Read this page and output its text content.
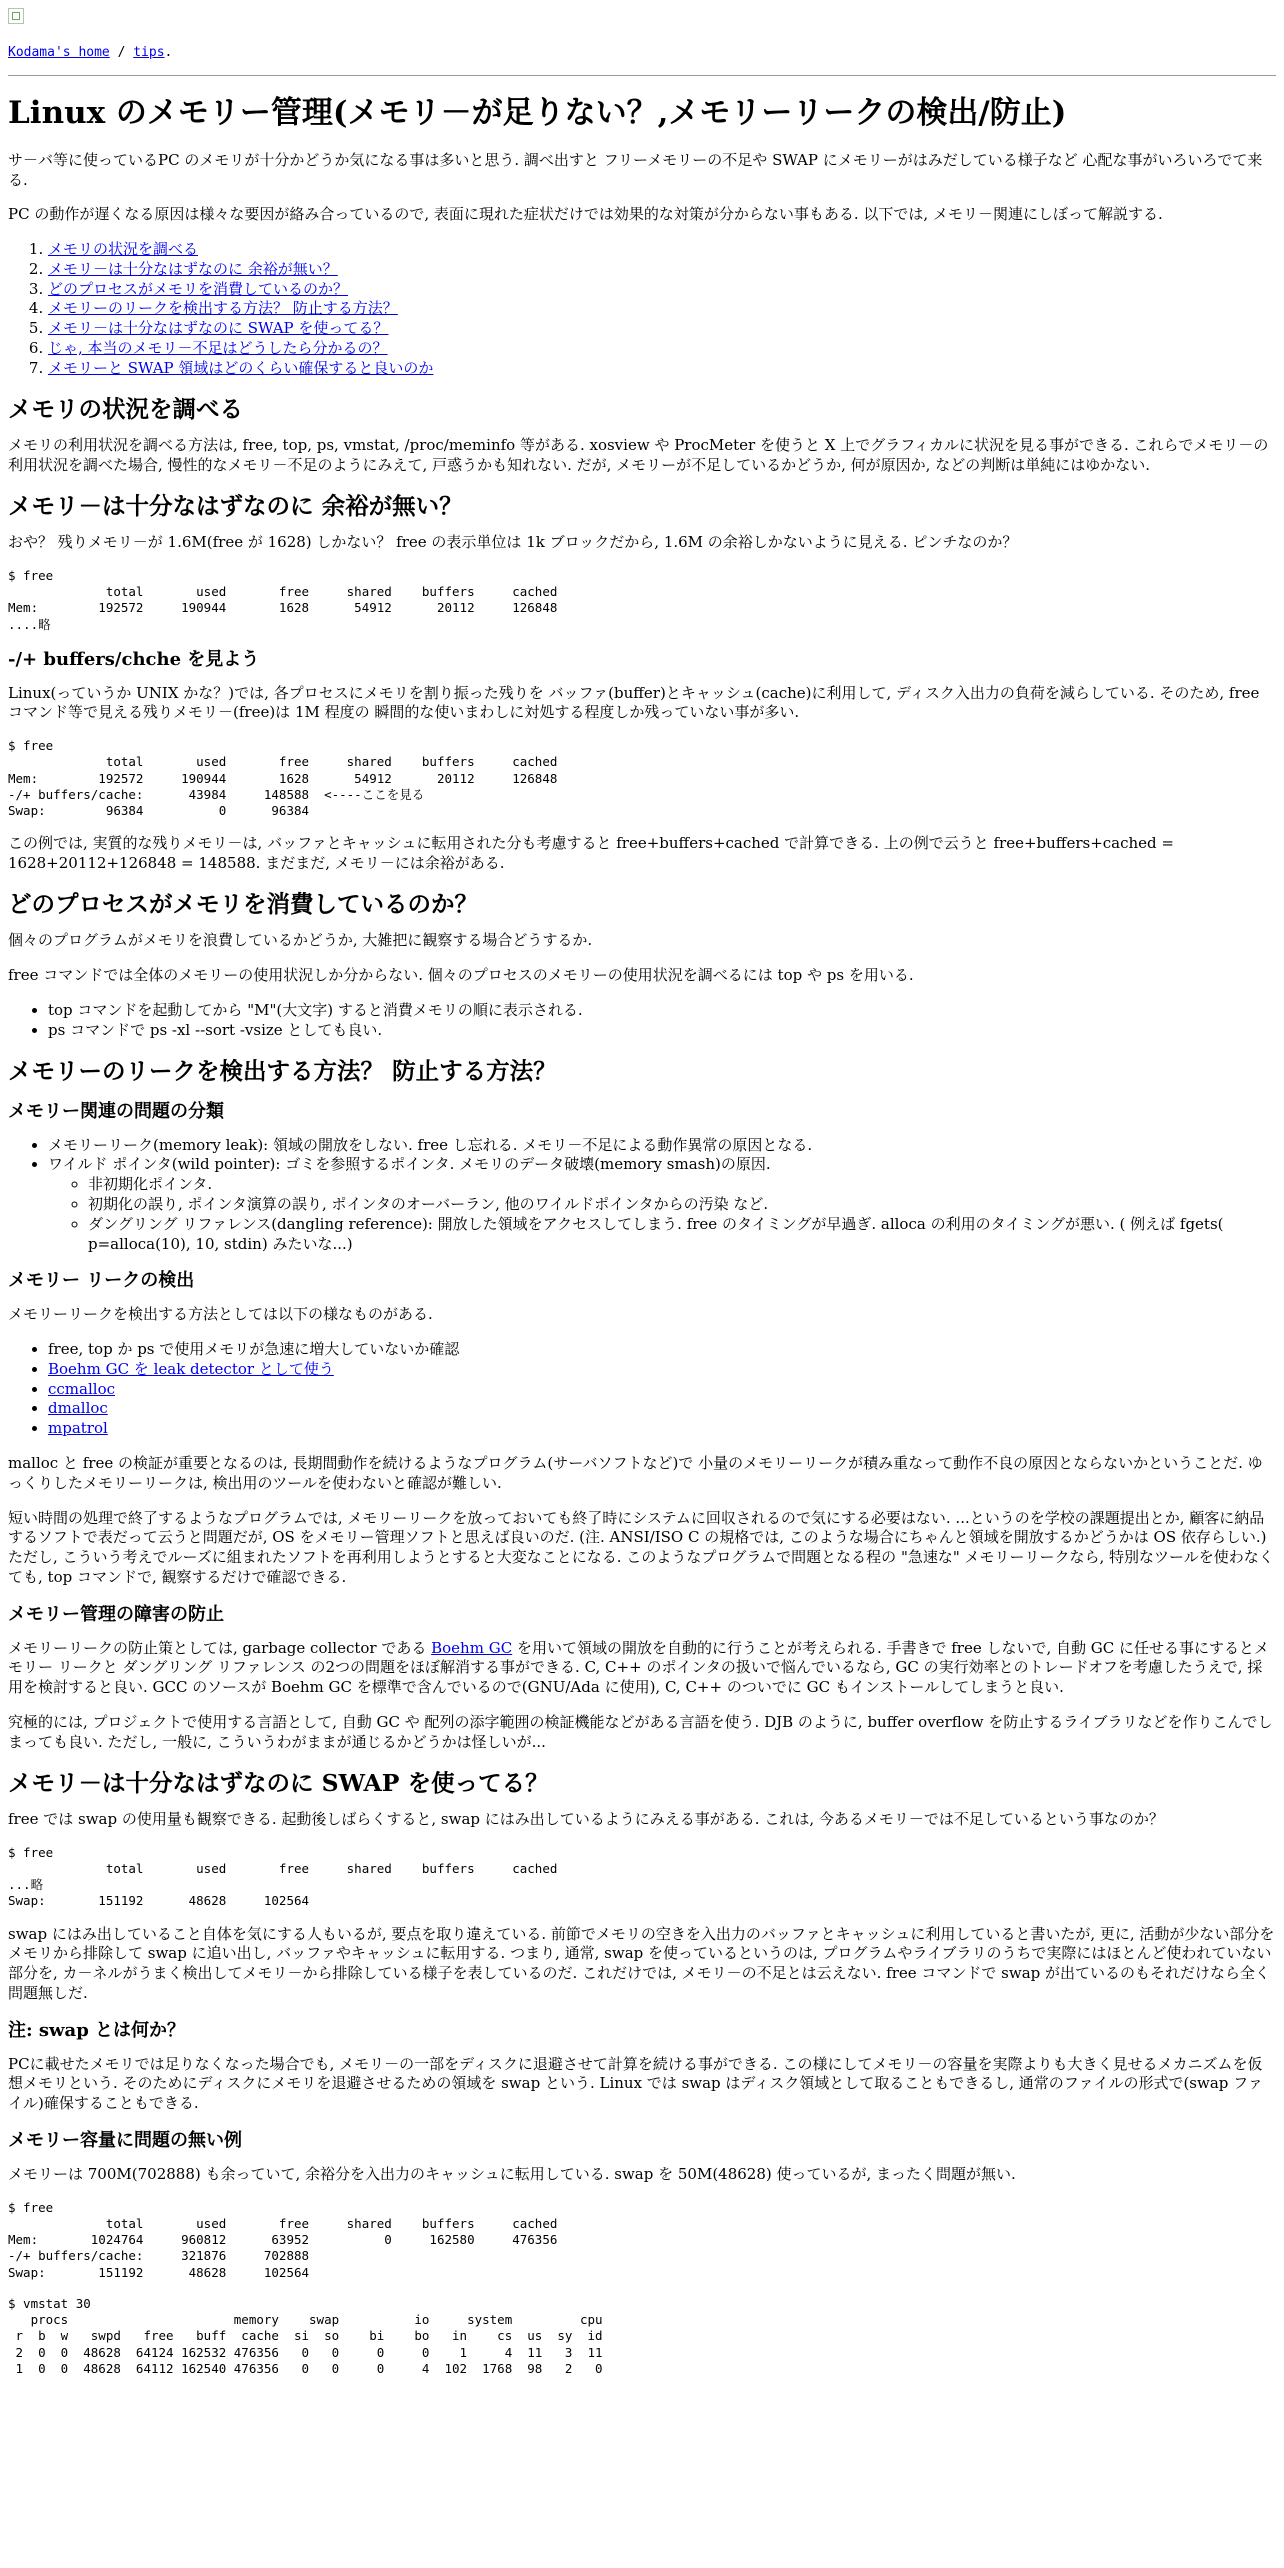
Kodama's home / tips.
Linux のメモリー管理(メモリ－が足りない？,メモリーリークの検出/防止)

サ－バ等に使っているPC のメモリが十分かどうか気になる事は多いと思う. 調べ出すと フリーメモリーの不足や SWAP にメモリーがはみだしている様子など 心配な事がいろいろでて来る.

PC の動作が遅くなる原因は様々な要因が絡み合っているので, 表面に現れた症状だけでは効果的な対策が分からない事もある. 以下では, メモリ－関連にしぼって解説する.

1. メモリの状況を調べる
2. メモリ－は十分なはずなのに 余裕が無い？
3. どのプロセスがメモリを消費しているのか？
4. メモリーのリークを検出する方法？ 防止する方法？
5. メモリ－は十分なはずなのに SWAP を使ってる？
6. じゃ, 本当のメモリ－不足はどうしたら分かるの？
7. メモリーと SWAP 領域はどのくらい確保すると良いのか
メモリの状況を調べる

メモリの利用状況を調べる方法は, free, top, ps, vmstat, /proc/meminfo 等がある. xosview や ProcMeter を使うと X 上でグラフィカルに状況を見る事ができる. これらでメモリ－の利用状況を調べた場合, 慢性的なメモリ－不足のようにみえて, 戸惑うかも知れない. だが, メモリーが不足しているかどうか, 何が原因か, などの判断は単純にはゆかない.

メモリ－は十分なはずなのに 余裕が無い？

おや？ 残りメモリ－が 1.6M(free が 1628) しかない？ free の表示単位は 1k ブロックだから, 1.6M の余裕しかないように見える. ピンチなのか？

$ free
total       used       free     shared    buffers     cached
Mem:        192572     190944       1628      54912      20112     126848
....略
-/+ buffers/chche を見よう

Linux(っていうか UNIX かな？)では, 各プロセスにメモリを割り振った残りを バッファ(buffer)とキャッシュ(cache)に利用して, ディスク入出力の負荷を減らしている. そのため, free コマンド等で見える残りメモリ－(free)は 1M 程度の 瞬間的な使いまわしに対処する程度しか残っていない事が多い.

$ free
total       used       free     shared    buffers     cached
Mem:        192572     190944       1628      54912      20112     126848
-/+ buffers/cache:      43984     148588  <----ここを見る
Swap:        96384          0      96384

この例では, 実質的な残りメモリ－は, バッファとキャッシュに転用された分も考慮すると free+buffers+cached で計算できる. 上の例で云うと free+buffers+cached = 1628+20112+126848 = 148588. まだまだ, メモリ－には余裕がある.

どのプロセスがメモリを消費しているのか？

個々のプログラムがメモリを浪費しているかどうか, 大雑把に観察する場合どうするか.

free コマンドでは全体のメモリーの使用状況しか分からない. 個々のプロセスのメモリーの使用状況を調べるには top や ps を用いる.

• top コマンドを起動してから "M"(大文字) すると消費メモリの順に表示される.
• ps コマンドで ps -xl --sort -vsize としても良い.
メモリーのリークを検出する方法？ 防止する方法？
メモリー関連の問題の分類
• メモリーリーク(memory leak): 領域の開放をしない. free し忘れる. メモリ－不足による動作異常の原因となる.
• ワイルド ポインタ(wild pointer): ゴミを参照するポインタ. メモリのデータ破壊(memory smash)の原因.
◦ 非初期化ポインタ.
◦ 初期化の誤り, ポインタ演算の誤り, ポインタのオーバーラン, 他のワイルドポインタからの汚染 など.
◦ ダングリング リファレンス(dangling reference): 開放した領域をアクセスしてしまう. free のタイミングが早過ぎ. alloca の利用のタイミングが悪い. ( 例えば fgets( p=alloca(10), 10, stdin) みたいな...)
メモリー リークの検出

メモリーリークを検出する方法としては以下の様なものがある.

• free, top か ps で使用メモリが急速に増大していないか確認
• Boehm GC を leak detector として使う
• ccmalloc
• dmalloc
• mpatrol

malloc と free の検証が重要となるのは, 長期間動作を続けるようなプログラム(サーバソフトなど)で 小量のメモリーリークが積み重なって動作不良の原因とならないかということだ. ゆっくりしたメモリーリークは, 検出用のツールを使わないと確認が難しい.

短い時間の処理で終了するようなプログラムでは, メモリーリークを放っておいても終了時にシステムに回収されるので気にする必要はない. ...というのを学校の課題提出とか, 顧客に納品するソフトで表だって云うと問題だが, OS をメモリー管理ソフトと思えば良いのだ. (注. ANSI/ISO C の規格では, このような場合にちゃんと領域を開放するかどうかは OS 依存らしい.) ただし, こういう考えでルーズに組まれたソフトを再利用しようとすると大変なことになる. このようなプログラムで問題となる程の "急速な" メモリーリークなら, 特別なツールを使わなくても, top コマンドで, 観察するだけで確認できる.

メモリー管理の障害の防止

メモリーリークの防止策としては, garbage collector である Boehm GC を用いて領域の開放を自動的に行うことが考えられる. 手書きで free しないで, 自動 GC に任せる事にするとメモリー リークと ダングリング リファレンス の2つの問題をほぼ解消する事ができる. C, C++ のポインタの扱いで悩んでいるなら, GC の実行効率とのトレードオフを考慮したうえで, 採用を検討すると良い. GCC のソースが Boehm GC を標準で含んでいるので(GNU/Ada に使用), C, C++ のついでに GC もインストールしてしまうと良い.

究極的には, プロジェクトで使用する言語として, 自動 GC や 配列の添字範囲の検証機能などがある言語を使う. DJB のように, buffer overflow を防止するライブラリなどを作りこんでしまっても良い. ただし, 一般に, こういうわがままが通じるかどうかは怪しいが...

メモリ－は十分なはずなのに SWAP を使ってる？

free では swap の使用量も観察できる. 起動後しばらくすると, swap にはみ出しているようにみえる事がある. これは, 今あるメモリ－では不足しているという事なのか？

$ free
total       used       free     shared    buffers     cached
...略
Swap:       151192      48628     102564

swap にはみ出していること自体を気にする人もいるが, 要点を取り違えている. 前節でメモリの空きを入出力のバッファとキャッシュに利用していると書いたが, 更に, 活動が少ない部分をメモリから排除して swap に追い出し, バッファやキャッシュに転用する. つまり, 通常, swap を使っているというのは, プログラムやライブラリのうちで実際にはほとんど使われていない部分を, カ－ネルがうまく検出してメモリ－から排除している様子を表しているのだ. これだけでは, メモリ－の不足とは云えない. free コマンドで swap が出ているのもそれだけなら全く問題無しだ.

注: swap とは何か？

PCに載せたメモリでは足りなくなった場合でも, メモリ－の一部をディスクに退避させて計算を続ける事ができる. この様にしてメモリ－の容量を実際よりも大きく見せるメカニズムを仮想メモリという. そのためにディスクにメモリを退避させるための領域を swap という. Linux では swap はディスク領域として取ることもできるし, 通常のファイルの形式で(swap ファイル)確保することもできる.

メモリー容量に問題の無い例

メモリーは 700M(702888) も余っていて, 余裕分を入出力のキャッシュに転用している. swap を 50M(48628) 使っているが, まったく問題が無い.

$ free
total       used       free     shared    buffers     cached
Mem:       1024764     960812      63952          0     162580     476356
-/+ buffers/cache:     321876     702888
Swap:       151192      48628     102564
$ vmstat 30
procs                      memory    swap          io     system         cpu
r  b  w   swpd   free   buff  cache  si  so    bi    bo   in    cs  us  sy  id
2  0  0  48628  64124 162532 476356   0   0     0     0    1     4  11   3  11
1  0  0  48628  64112 162540 476356   0   0     0     4  102  1768  98   2   0
